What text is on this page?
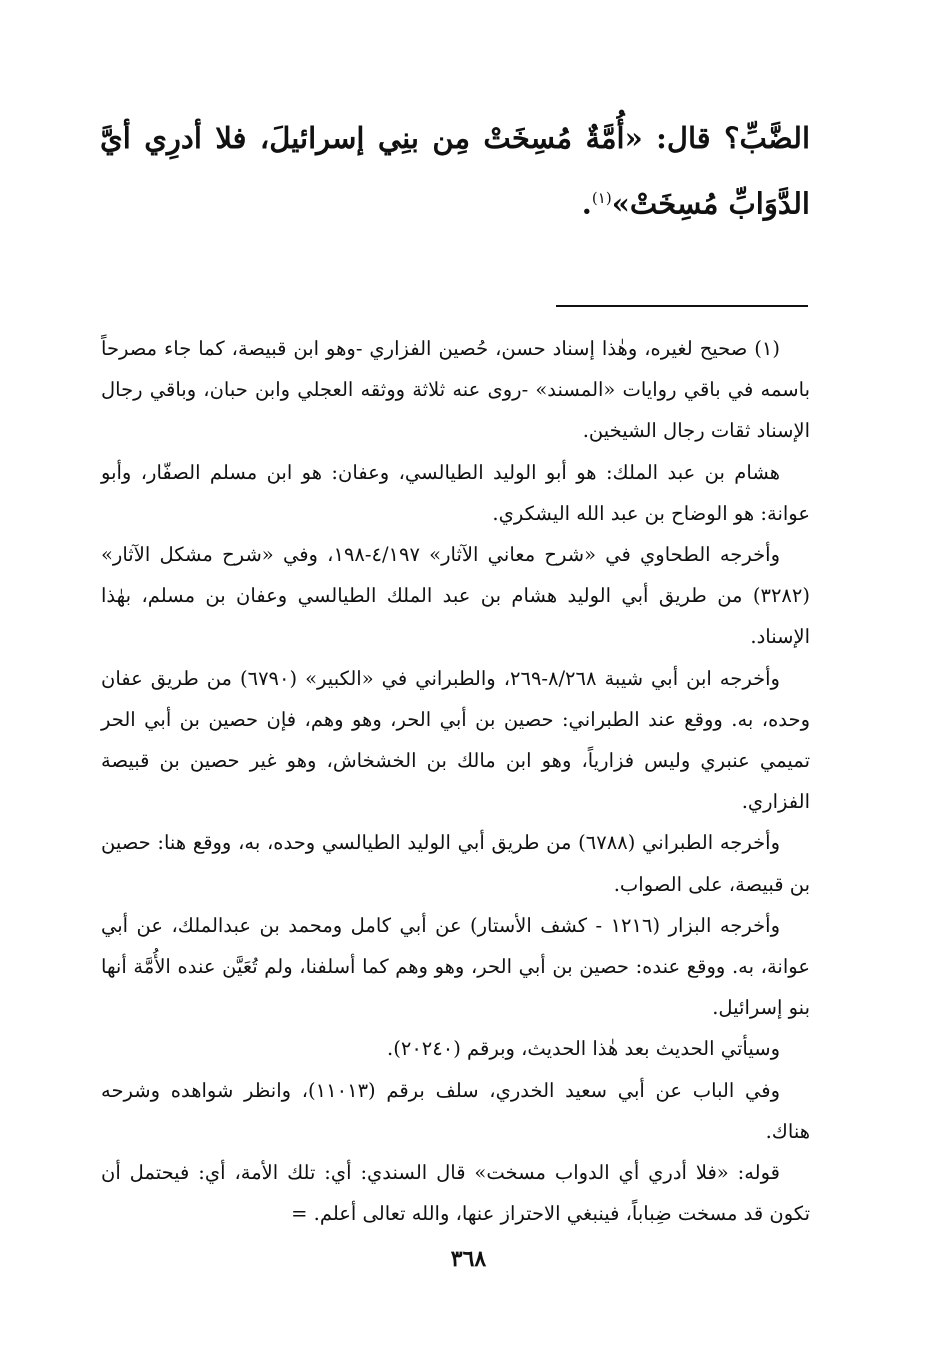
الضَّبِّ؟ قال: «أُمَّةٌ مُسِخَتْ مِن بنِي إسرائيلَ، فلا أدرِي أيَّ الدَّوَابِّ مُسِخَتْ»$^{(١)}$.

(١) صحيح لغيره، وهٰذا إسناد حسن، حُصين الفزاري -وهو ابن قبيصة، كما جاء مصرحاً باسمه في باقي روايات «المسند» -روى عنه ثلاثة ووثقه العجلي وابن حبان، وباقي رجال الإسناد ثقات رجال الشيخين.

هشام بن عبد الملك: هو أبو الوليد الطيالسي، وعفان: هو ابن مسلم الصفّار، وأبو عوانة: هو الوضاح بن عبد الله اليشكري.

وأخرجه الطحاوي في «شرح معاني الآثار» ٤/١٩٧-١٩٨، وفي «شرح مشكل الآثار» (٣٢٨٢) من طريق أبي الوليد هشام بن عبد الملك الطيالسي وعفان بن مسلم، بهٰذا الإسناد.

وأخرجه ابن أبي شيبة ٨/٢٦٨-٢٦٩، والطبراني في «الكبير» (٦٧٩٠) من طريق عفان وحده، به. ووقع عند الطبراني: حصين بن أبي الحر، وهو وهم، فإن حصين بن أبي الحر تميمي عنبري وليس فزارياً، وهو ابن مالك بن الخشخاش، وهو غير حصين بن قبيصة الفزاري.

وأخرجه الطبراني (٦٧٨٨) من طريق أبي الوليد الطيالسي وحده، به، ووقع هنا: حصين بن قبيصة، على الصواب.

وأخرجه البزار (١٢١٦ - كشف الأستار) عن أبي كامل ومحمد بن عبدالملك، عن أبي عوانة، به. ووقع عنده: حصين بن أبي الحر، وهو وهم كما أسلفنا، ولم تُعَيَّن عنده الأُمَّة أنها بنو إسرائيل.

وسيأتي الحديث بعد هٰذا الحديث، وبرقم (٢٠٢٤٠).

وفي الباب عن أبي سعيد الخدري، سلف برقم (١١٠١٣)، وانظر شواهده وشرحه هناك.

قوله: «فلا أدري أي الدواب مسخت» قال السندي: أي: تلك الأمة، أي: فيحتمل أن تكون قد مسخت ضِباباً، فينبغي الاحتراز عنها، والله تعالى أعلم. =

٣٦٨
